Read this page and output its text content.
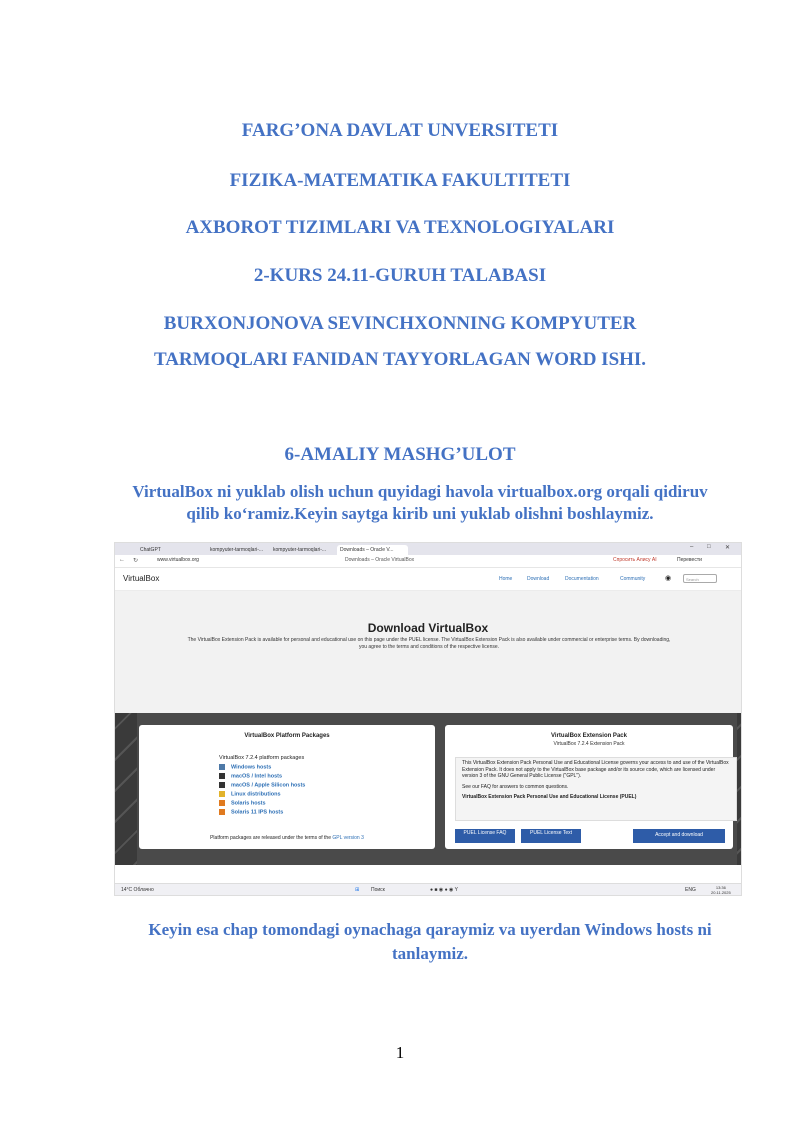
FARG’ONA DAVLAT UNVERSITETI
FIZIKA-MATEMATIKA FAKULTITETI
AXBOROT TIZIMLARI VA TEXNOLOGIYALARI
2-KURS 24.11-GURUH TALABASI
BURXONJONOVA SEVINCHXONNING KOMPYUTER
TARMOQLARI FANIDAN TAYYORLAGAN WORD ISHI.
6-AMALIY MASHG’ULOT
VirtualBox ni yuklab olish uchun quyidagi havola virtualbox.org orqali qidiruv qilib ko‘ramiz.Keyin saytga kirib uni yuklab olishni boshlaymiz.
ChatGPT	kompyuter-tarmoqlari-...	kompyuter-tarmoqlari-...	Downloads – Oracle V...	– □ ✕
← ↻	www.virtualbox.org	Downloads – Oracle VirtualBox	Спросить Алису AI	Перевести
VirtualBox	Home	Download	Documentation	Community	◉	Search
Download VirtualBox
The VirtualBox Extension Pack is available for personal and educational use on this page under the PUEL license. The VirtualBox Extension Pack is also available under commercial or enterprise terms. By downloading, you agree to the terms and conditions of the respective license.
VirtualBox Platform Packages
VirtualBox 7.2.4 platform packages
Windows hosts
macOS / Intel hosts
macOS / Apple Silicon hosts
Linux distributions
Solaris hosts
Solaris 11 IPS hosts
Platform packages are released under the terms of the GPL version 3
VirtualBox Extension Pack
VirtualBox 7.2.4 Extension Pack
This VirtualBox Extension Pack Personal Use and Educational License governs your access to and use of the VirtualBox Extension Pack. It does not apply to the VirtualBox base package and/or its source code, which are licensed under version 3 of the GNU General Public License ("GPL").
See our FAQ for answers to common questions.
VirtualBox Extension Pack Personal Use and Educational License (PUEL)
PUEL License FAQ	PUEL License Text	Accept and download
14°C Облачно	⊞ Поиск	● ■ ◉ ● ◉ Y	ENG	13:36
20.11.2025
Keyin esa chap tomondagi oynachaga qaraymiz va uyerdan Windows hosts ni tanlaymiz.
1
